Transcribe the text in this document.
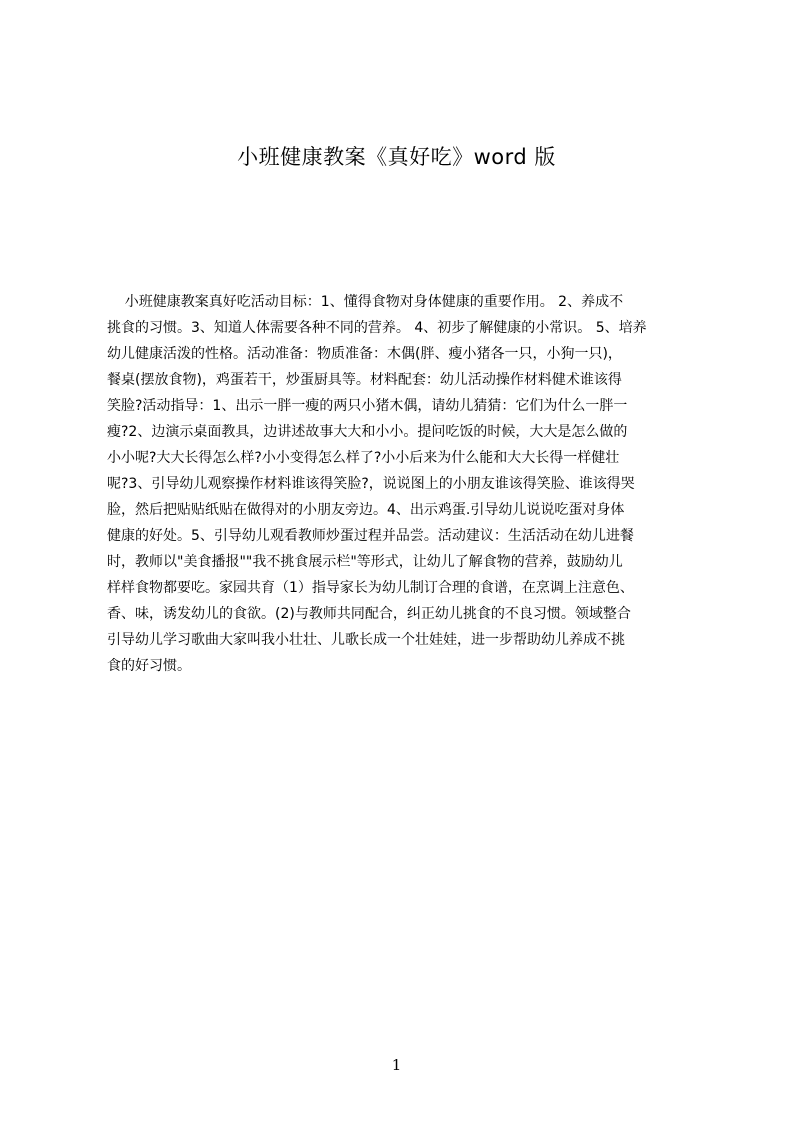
小班健康教案《真好吃》word 版
小班健康教案真好吃活动目标：1、懂得食物对身体健康的重要作用。 2、养成不
挑食的习惯。3、知道人体需要各种不同的营养。 4、初步了解健康的小常识。 5、培养
幼儿健康活泼的性格。活动准备：物质准备：木偶(胖、瘦小猪各一只，小狗一只)，
餐桌(摆放食物)，鸡蛋若干，炒蛋厨具等。材料配套：幼儿活动操作材料健术谁该得
笑脸?活动指导：1、出示一胖一瘦的两只小猪木偶，请幼儿猜猜：它们为什么一胖一
瘦?2、边演示桌面教具，边讲述故事大大和小小。提问吃饭的时候，大大是怎么做的
小小呢?大大长得怎么样?小小变得怎么样了?小小后来为什么能和大大长得一样健壮
呢?3、引导幼儿观察操作材料谁该得笑脸?，说说图上的小朋友谁该得笑脸、谁该得哭
脸，然后把贴贴纸贴在做得对的小朋友旁边。4、出示鸡蛋.引导幼儿说说吃蛋对身体
健康的好处。5、引导幼儿观看教师炒蛋过程并品尝。活动建议：生活活动在幼儿进餐
时，教师以"美食播报""我不挑食展示栏"等形式，让幼儿了解食物的营养，鼓励幼儿
样样食物都要吃。家园共育（1）指导家长为幼儿制订合理的食谱，在烹调上注意色、
香、味，诱发幼儿的食欲。(2)与教师共同配合，纠正幼儿挑食的不良习惯。领域整合
引导幼儿学习歌曲大家叫我小壮壮、儿歌长成一个壮娃娃，进一步帮助幼儿养成不挑
食的好习惯。
1
